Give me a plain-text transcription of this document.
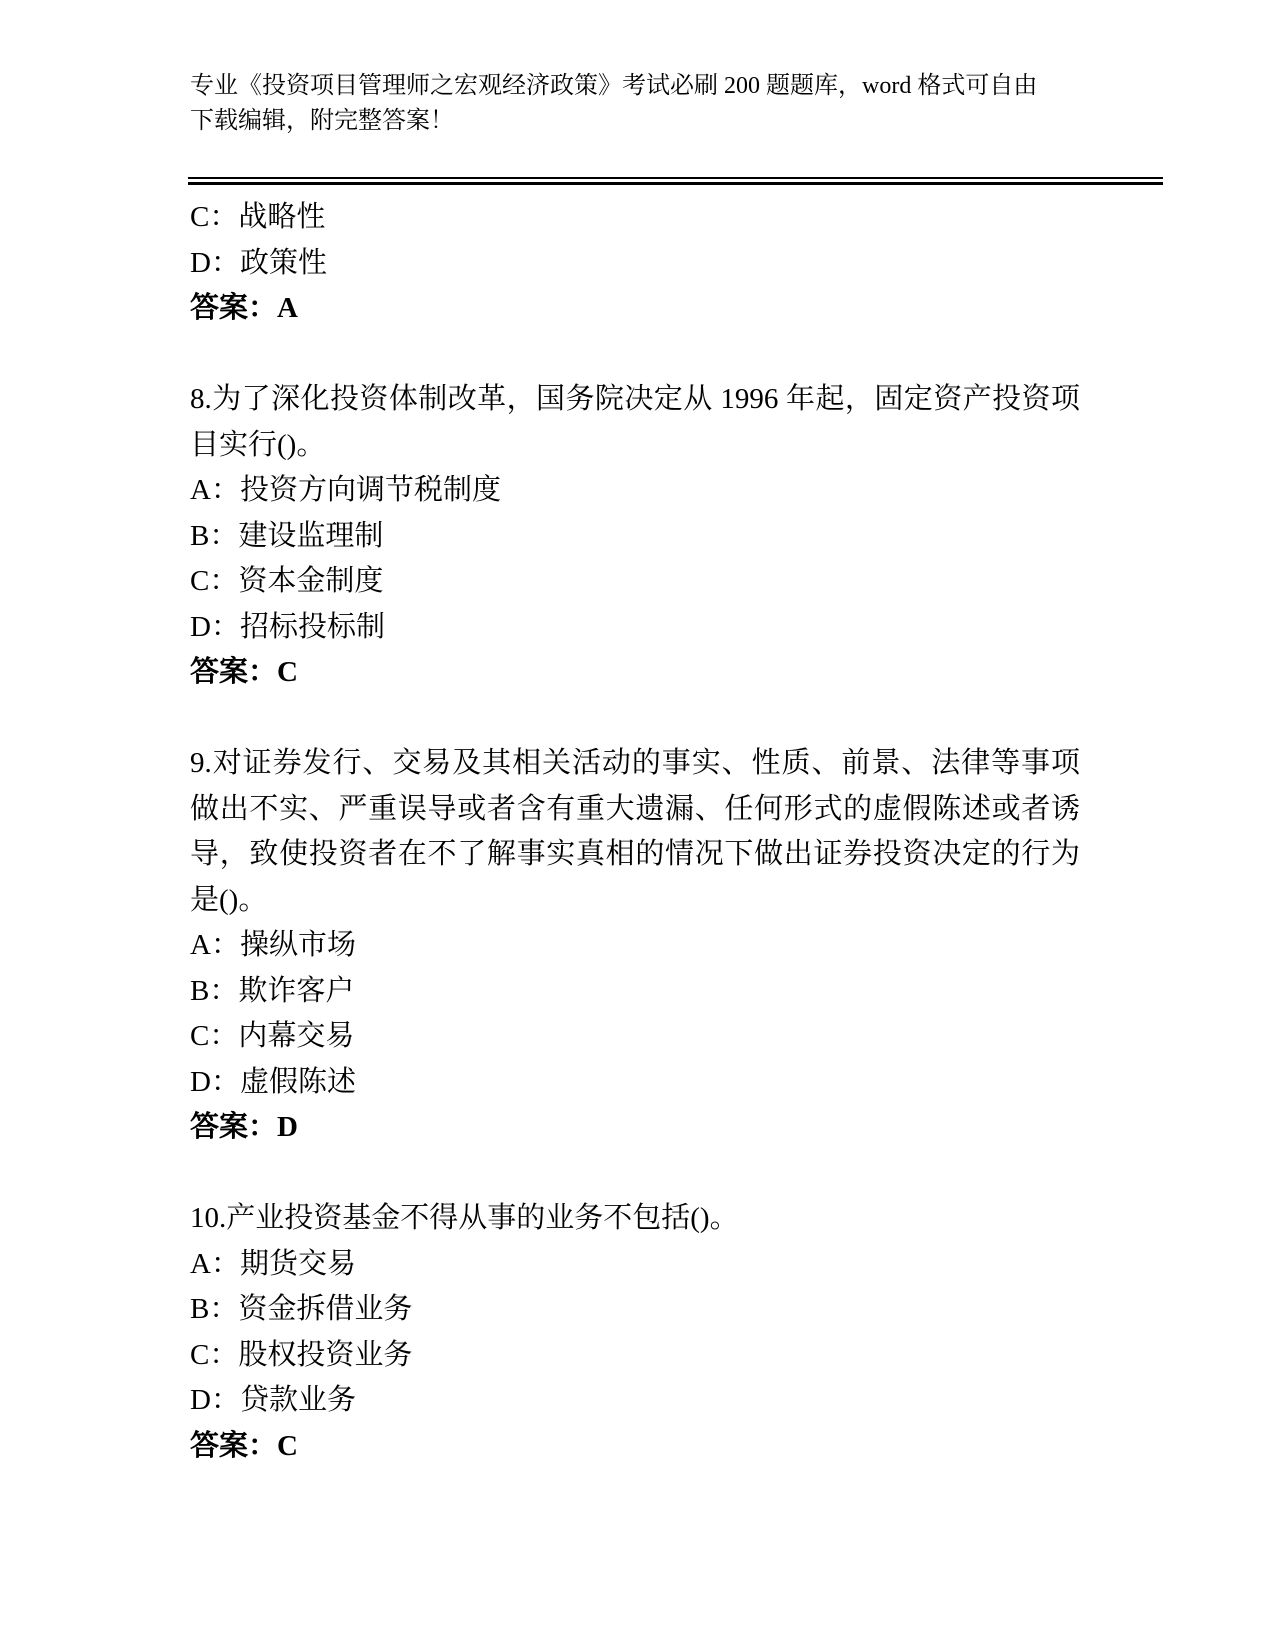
专业《投资项目管理师之宏观经济政策》考试必刷 200 题题库，word 格式可自由
下载编辑，附完整答案！
C：战略性
D：政策性
答案：A
8.为了深化投资体制改革，国务院决定从 1996 年起，固定资产投资项目实行()。
A：投资方向调节税制度
B：建设监理制
C：资本金制度
D：招标投标制
答案：C
9.对证券发行、交易及其相关活动的事实、性质、前景、法律等事项做出不实、严重误导或者含有重大遗漏、任何形式的虚假陈述或者诱导，致使投资者在不了解事实真相的情况下做出证券投资决定的行为是()。
A：操纵市场
B：欺诈客户
C：内幕交易
D：虚假陈述
答案：D
10.产业投资基金不得从事的业务不包括()。
A：期货交易
B：资金拆借业务
C：股权投资业务
D：贷款业务
答案：C
